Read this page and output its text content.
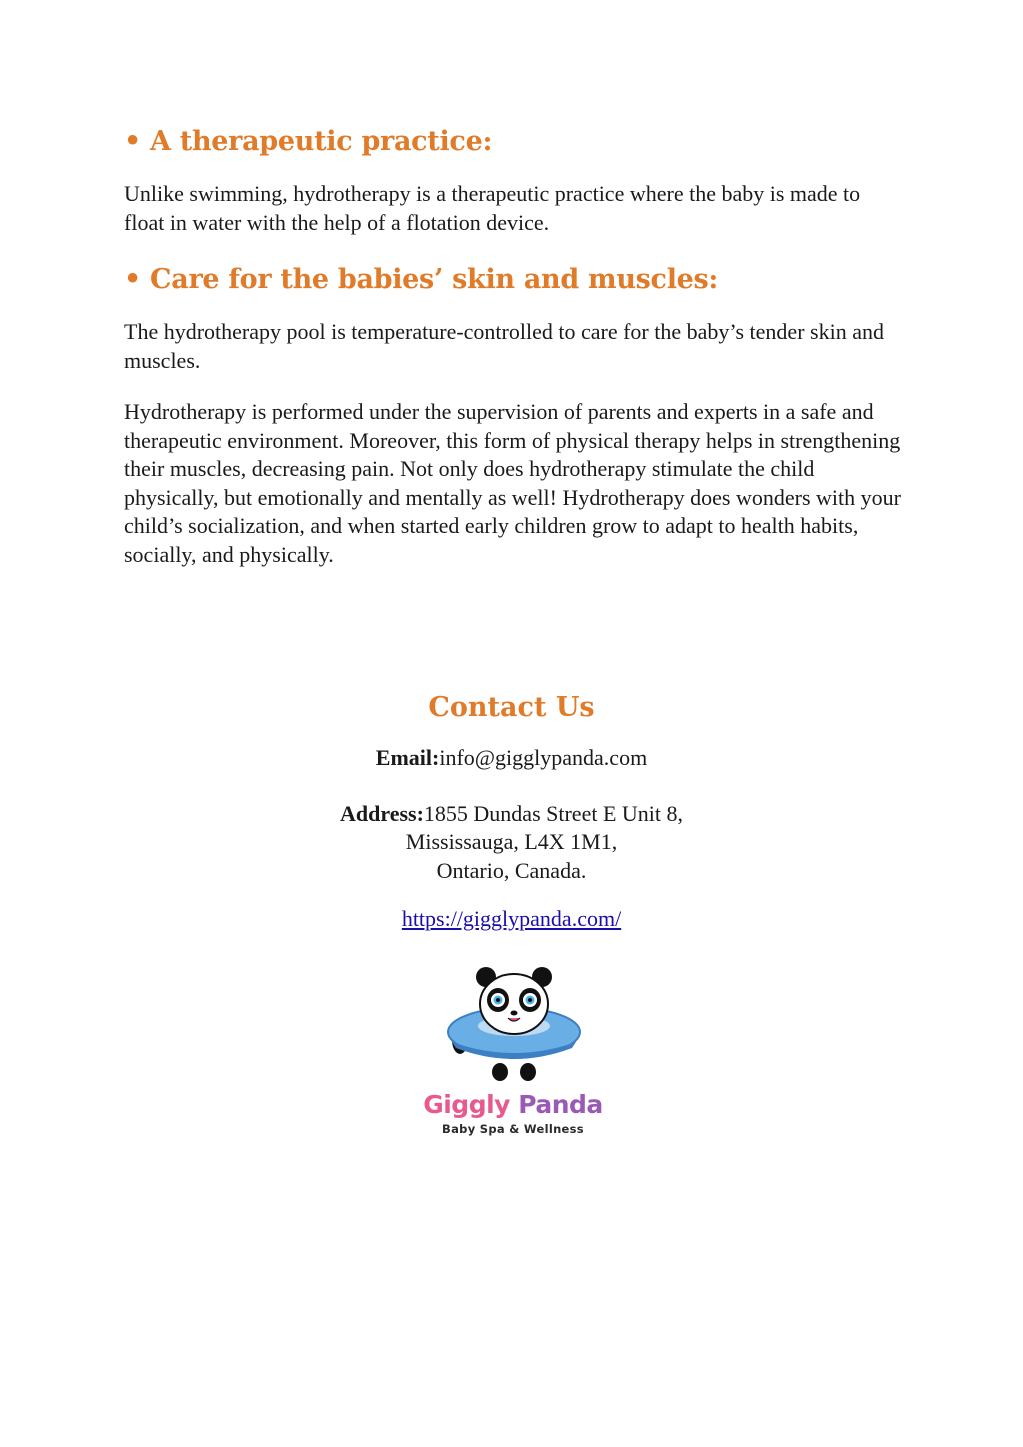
• A therapeutic practice:

Unlike swimming, hydrotherapy is a therapeutic practice where the baby is made to float in water with the help of a flotation device.

• Care for the babies’ skin and muscles:

The hydrotherapy pool is temperature-controlled to care for the baby’s tender skin and muscles.

Hydrotherapy is performed under the supervision of parents and experts in a safe and therapeutic environment. Moreover, this form of physical therapy helps in strengthening their muscles, decreasing pain. Not only does hydrotherapy stimulate the child physically, but emotionally and mentally as well! Hydrotherapy does wonders with your child’s socialization, and when started early children grow to adapt to health habits, socially, and physically.

Contact Us

Email:info@gigglypanda.com

Address:1855 Dundas Street E Unit 8,

Mississauga, L4X 1M1,

Ontario, Canada.

https://gigglypanda.com/

Giggly Panda
Baby Spa & Wellness
